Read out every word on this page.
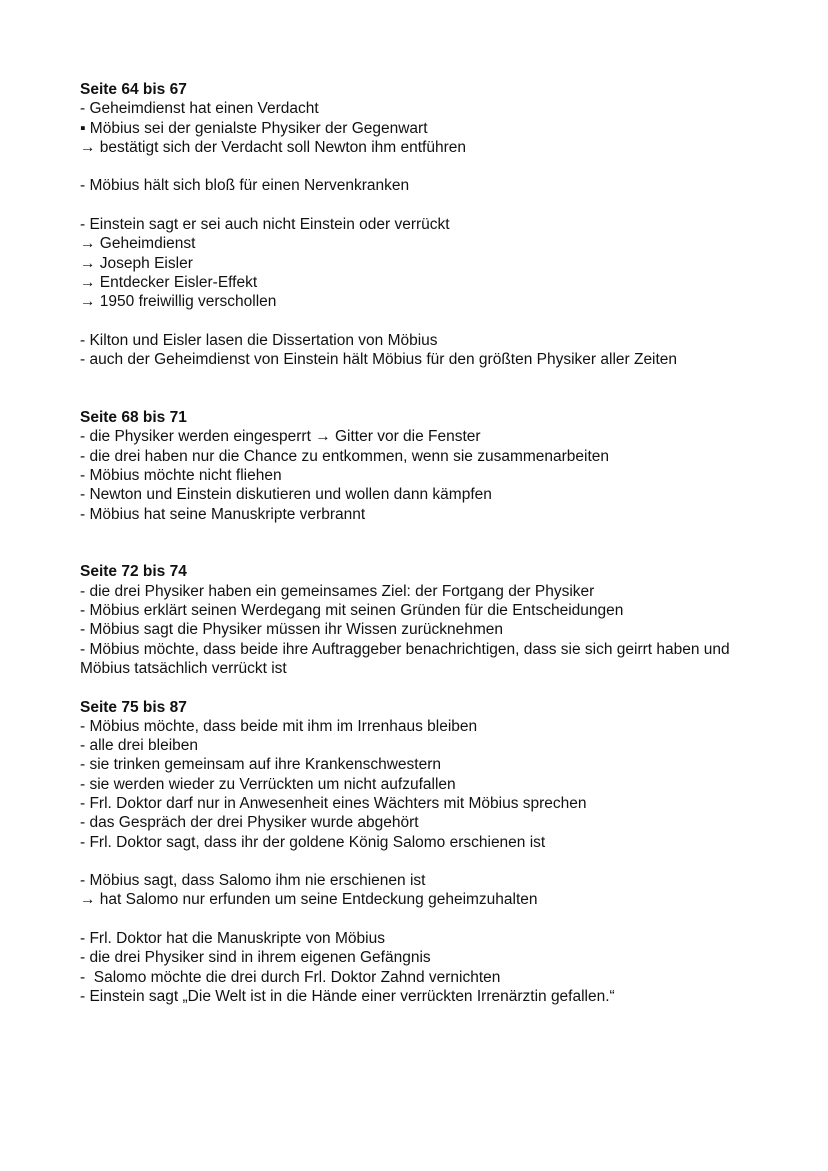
Seite 64 bis 67

- Geheimdienst hat einen Verdacht

▪ Möbius sei der genialste Physiker der Gegenwart

→ bestätigt sich der Verdacht soll Newton ihm entführen

- Möbius hält sich bloß für einen Nervenkranken

- Einstein sagt er sei auch nicht Einstein oder verrückt

→ Geheimdienst

→ Joseph Eisler

→ Entdecker Eisler-Effekt

→ 1950 freiwillig verschollen

- Kilton und Eisler lasen die Dissertation von Möbius

- auch der Geheimdienst von Einstein hält Möbius für den größten Physiker aller Zeiten

Seite 68 bis 71

- die Physiker werden eingesperrt → Gitter vor die Fenster

- die drei haben nur die Chance zu entkommen, wenn sie zusammenarbeiten

- Möbius möchte nicht fliehen

- Newton und Einstein diskutieren und wollen dann kämpfen

- Möbius hat seine Manuskripte verbrannt

Seite 72 bis 74

- die drei Physiker haben ein gemeinsames Ziel: der Fortgang der Physiker

- Möbius erklärt seinen Werdegang mit seinen Gründen für die Entscheidungen

- Möbius sagt die Physiker müssen ihr Wissen zurücknehmen

- Möbius möchte, dass beide ihre Auftraggeber benachrichtigen, dass sie sich geirrt haben und Möbius tatsächlich verrückt ist

Seite 75 bis 87

- Möbius möchte, dass beide mit ihm im Irrenhaus bleiben

- alle drei bleiben

- sie trinken gemeinsam auf ihre Krankenschwestern

- sie werden wieder zu Verrückten um nicht aufzufallen

- Frl. Doktor darf nur in Anwesenheit eines Wächters mit Möbius sprechen

- das Gespräch der drei Physiker wurde abgehört

- Frl. Doktor sagt, dass ihr der goldene König Salomo erschienen ist

- Möbius sagt, dass Salomo ihm nie erschienen ist

→ hat Salomo nur erfunden um seine Entdeckung geheimzuhalten

- Frl. Doktor hat die Manuskripte von Möbius

- die drei Physiker sind in ihrem eigenen Gefängnis

-  Salomo möchte die drei durch Frl. Doktor Zahnd vernichten

- Einstein sagt „Die Welt ist in die Hände einer verrückten Irrenärztin gefallen.“
